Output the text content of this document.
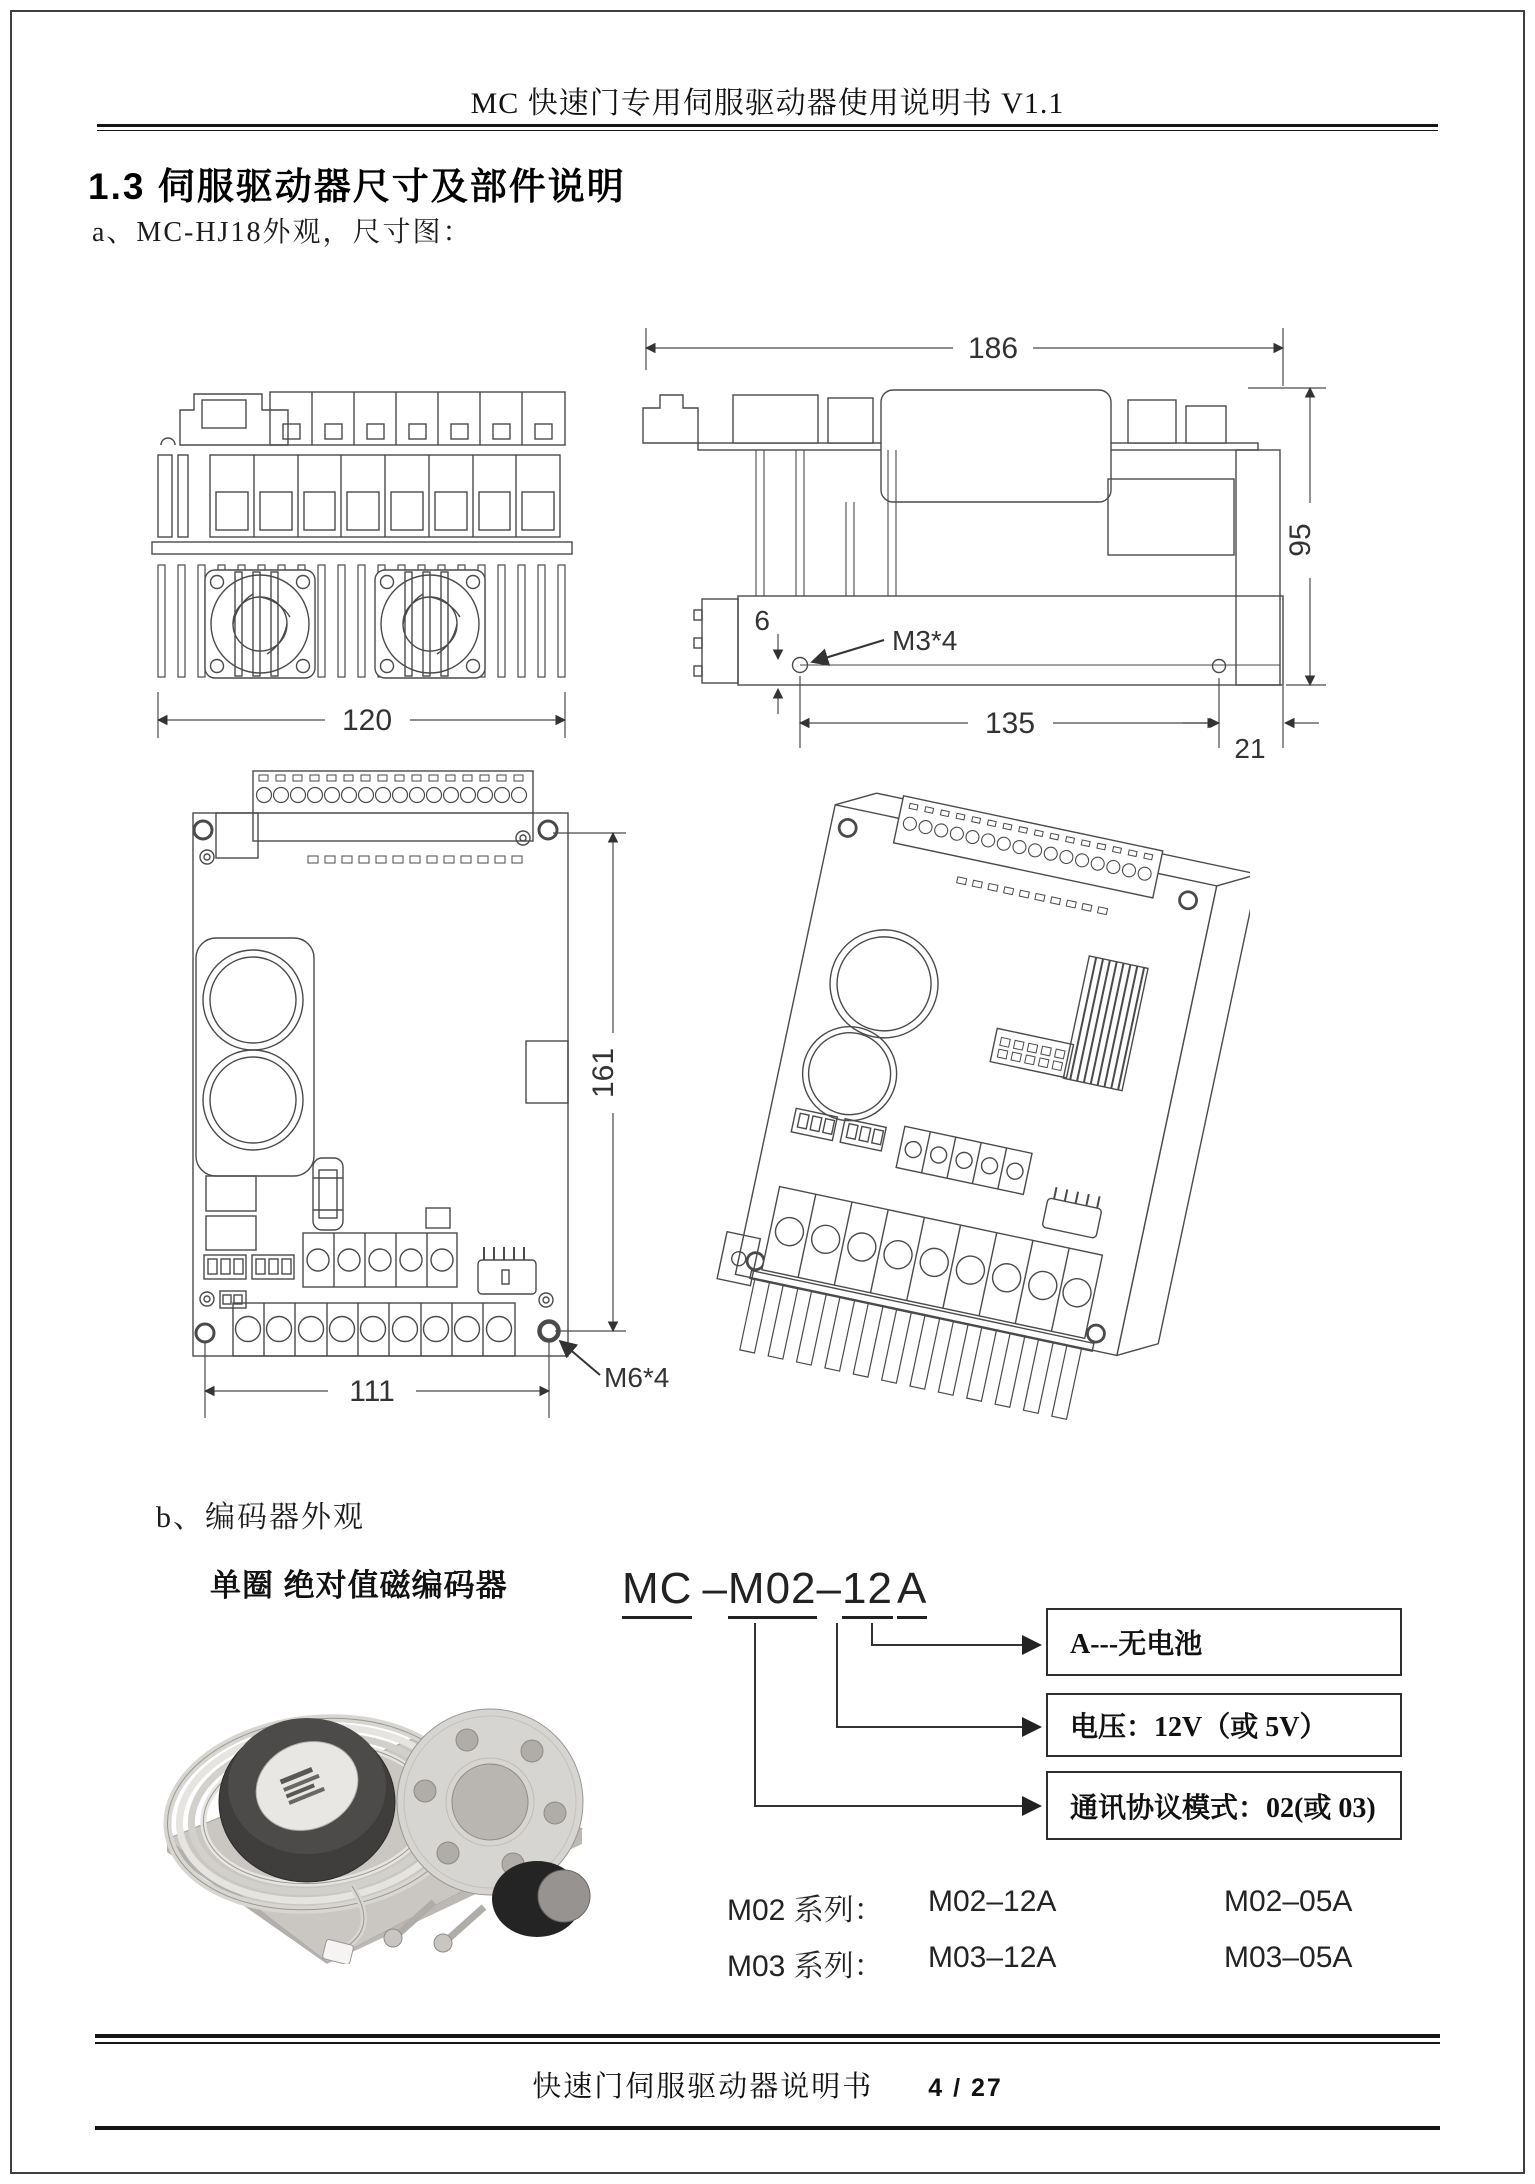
MC 快速门专用伺服驱动器使用说明书 V1.1
1.3 伺服驱动器尺寸及部件说明
a、MC-HJ18外观，尺寸图：
120
186
6
M3*4
135
21
95
161
111	M6*4
b、编码器外观
单圈 绝对值磁编码器	MC –M02–12A
A---无电池
电压：12V（或 5V）
通讯协议模式：02(或 03)
M02 系列： M02–12A	M02–05A
M03 系列： M03–12A	M03–05A
快速门伺服驱动器说明书 4 / 27
